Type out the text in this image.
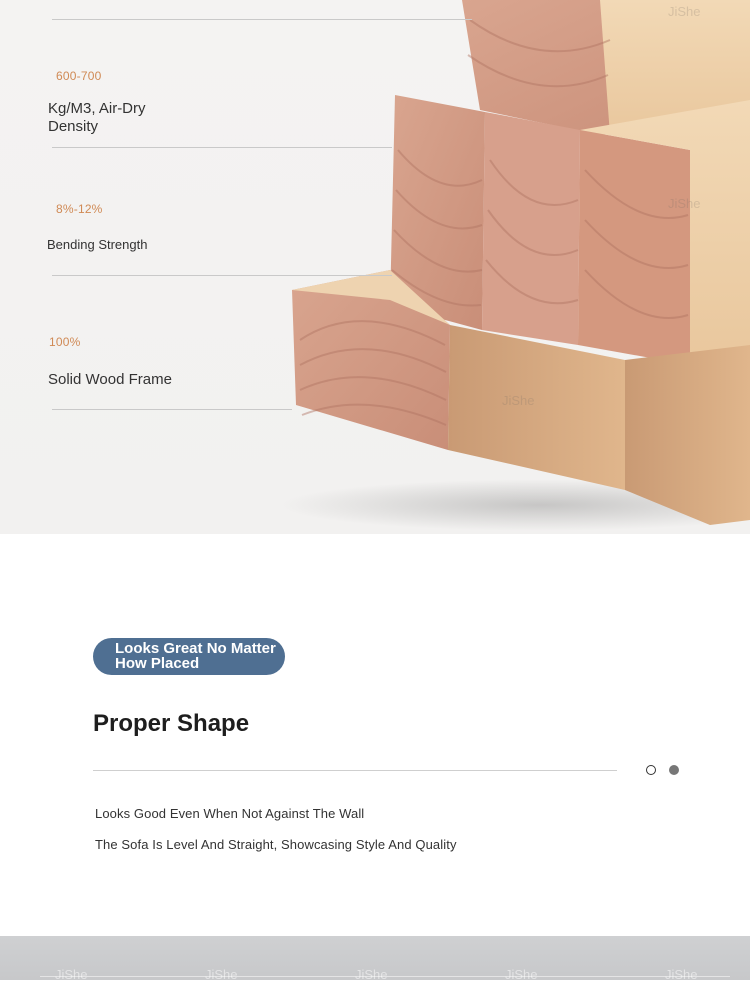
600-700
Kg/M3, Air-Dry Density
8%-12%
Bending Strength
100%
Solid Wood Frame
JiShe
JiShe
JiShe
Looks Great No Matter How Placed
Proper Shape
Looks Good Even When Not Against The Wall
The Sofa Is Level And Straight, Showcasing Style And Quality
JiShe	JiShe	JiShe	JiShe	JiShe
